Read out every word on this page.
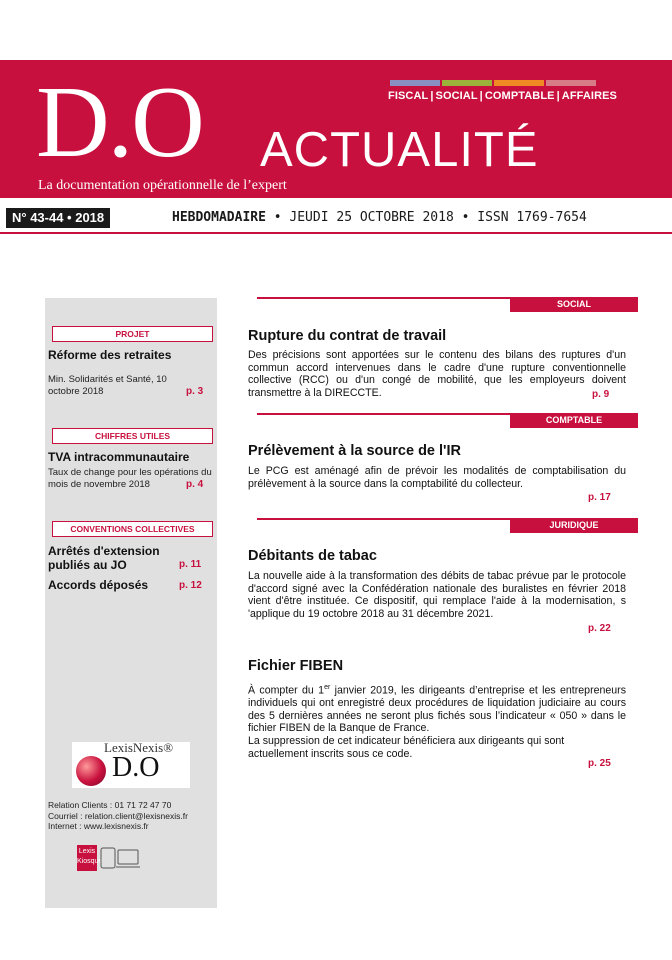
FISCAL | SOCIAL | COMPTABLE | AFFAIRES
D.O ACTUALITÉ
La documentation opérationnelle de l’expert
N° 43-44 • 2018	HEBDOMADAIRE • JEUDI 25 OCTOBRE 2018 • ISSN 1769-7654
PROJET
Réforme des retraites
Min. Solidarités et Santé, 10 octobre 2018	p. 3
CHIFFRES UTILES
TVA intracommunautaire
Taux de change pour les opérations du mois de novembre 2018	p. 4
CONVENTIONS COLLECTIVES
Arrêtés d'extension publiés au JO	p. 11
Accords déposés	p. 12
LexisNexis®
D.O
Relation Clients : 01 71 72 47 70
Courriel : relation.client@lexisnexis.fr
Internet : www.lexisnexis.fr
Lexis Kiosque
SOCIAL
Rupture du contrat de travail
Des précisions sont apportées sur le contenu des bilans des ruptures d'un commun accord intervenues dans le cadre d'une rupture conventionnelle collective (RCC) ou d'un congé de mobilité, que les employeurs doivent transmettre à la DIRECCTE.	p. 9
COMPTABLE
Prélèvement à la source de l'IR
Le PCG est aménagé afin de prévoir les modalités de comptabilisation du prélèvement à la source dans la comptabilité du collecteur.
p. 17
JURIDIQUE
Débitants de tabac
La nouvelle aide à la transformation des débits de tabac prévue par le protocole d'accord signé avec la Confédération nationale des buralistes en février 2018 vient d'être instituée. Ce dispositif, qui remplace l'aide à la modernisation, s 'applique du 19 octobre 2018 au 31 décembre 2021.
p. 22
Fichier FIBEN
À compter du 1er janvier 2019, les dirigeants d’entreprise et les entrepreneurs individuels qui ont enregistré deux procédures de liquidation judiciaire au cours des 5 dernières années ne seront plus fichés sous l’indicateur « 050 » dans le fichier FIBEN de la Banque de France.
La suppression de cet indicateur bénéficiera aux dirigeants qui sont actuellement inscrits sous ce code.
p. 25
